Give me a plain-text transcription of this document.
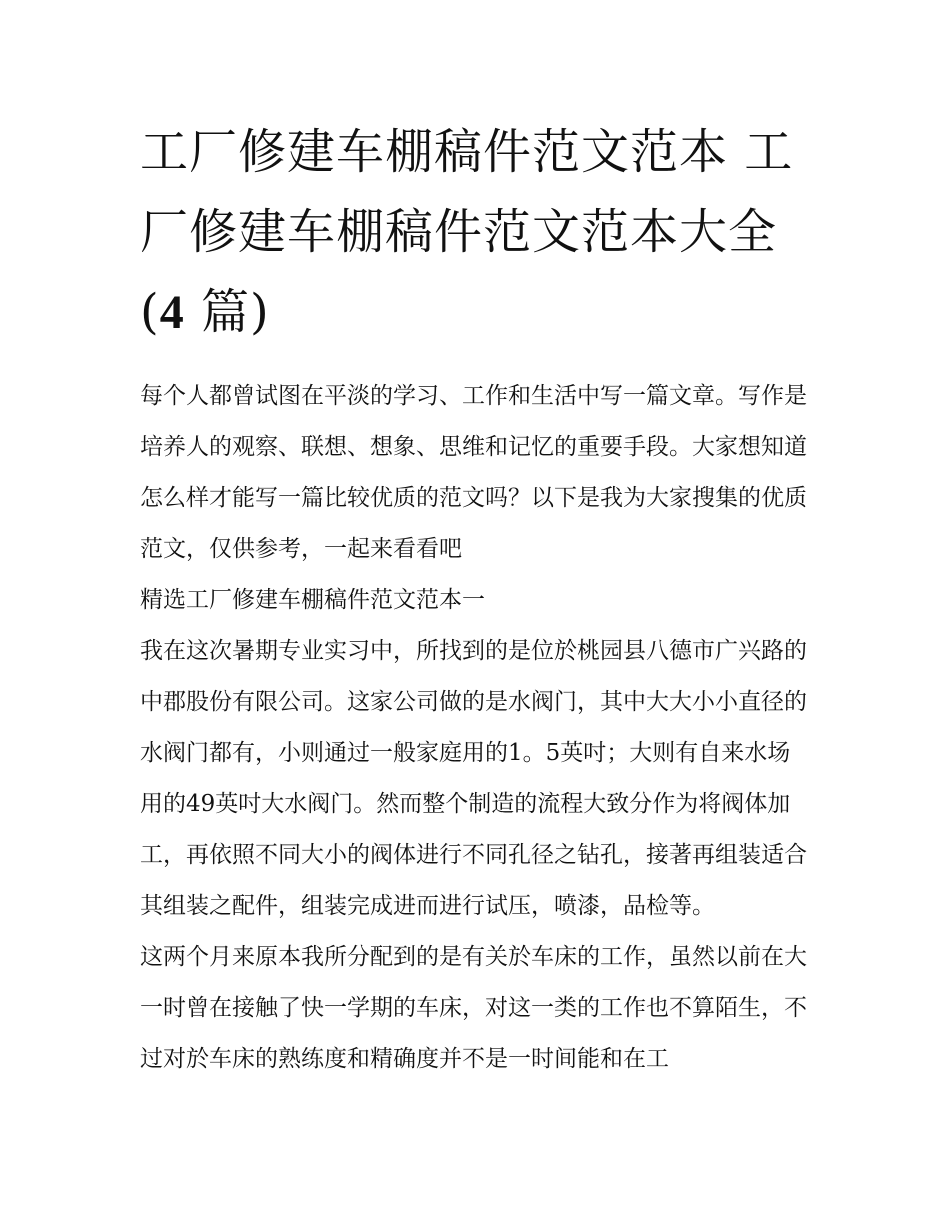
工厂修建车棚稿件范文范本 工
厂修建车棚稿件范文范本大全
(4 篇)

每个人都曾试图在平淡的学习、工作和生活中写一篇文章。写作是培养人的观察、联想、想象、思维和记忆的重要手段。大家想知道怎么样才能写一篇比较优质的范文吗？以下是我为大家搜集的优质范文，仅供参考，一起来看看吧

精选工厂修建车棚稿件范文范本一

我在这次暑期专业实习中，所找到的是位於桃园县八德市广兴路的中郡股份有限公司。这家公司做的是水阀门，其中大大小小直径的水阀门都有，小则通过一般家庭用的1。5英吋；大则有自来水场用的49英吋大水阀门。然而整个制造的流程大致分作为将阀体加工，再依照不同大小的阀体进行不同孔径之钻孔，接著再组装适合其组装之配件，组装完成进而进行试压，喷漆，品检等。

这两个月来原本我所分配到的是有关於车床的工作，虽然以前在大一时曾在接触了快一学期的车床，对这一类的工作也不算陌生，不过对於车床的熟练度和精确度并不是一时间能和在工
